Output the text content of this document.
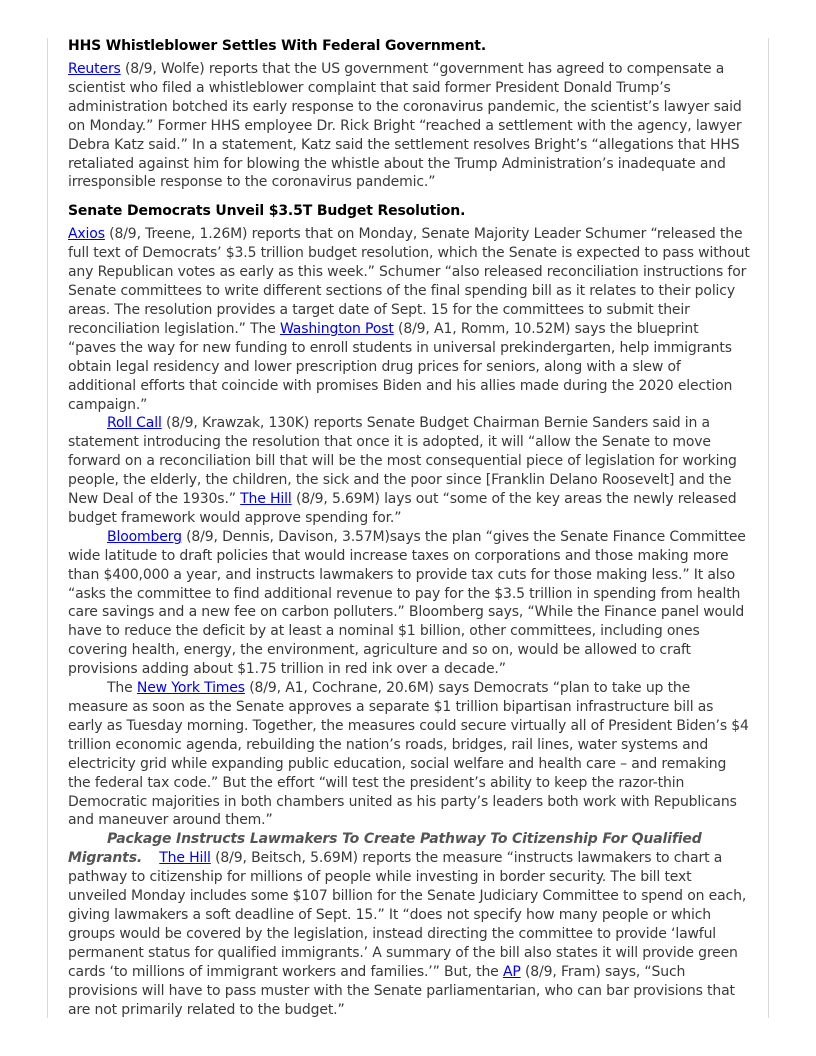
HHS Whistleblower Settles With Federal Government.

Reuters (8/9, Wolfe) reports that the US government “government has agreed to compensate a scientist who filed a whistleblower complaint that said former President Donald Trump’s administration botched its early response to the coronavirus pandemic, the scientist’s lawyer said on Monday.” Former HHS employee Dr. Rick Bright “reached a settlement with the agency, lawyer Debra Katz said.” In a statement, Katz said the settlement resolves Bright’s “allegations that HHS retaliated against him for blowing the whistle about the Trump Administration’s inadequate and irresponsible response to the coronavirus pandemic.”

Senate Democrats Unveil $3.5T Budget Resolution.

Axios (8/9, Treene, 1.26M) reports that on Monday, Senate Majority Leader Schumer “released the full text of Democrats’ $3.5 trillion budget resolution, which the Senate is expected to pass without any Republican votes as early as this week.” Schumer “also released reconciliation instructions for Senate committees to write different sections of the final spending bill as it relates to their policy areas. The resolution provides a target date of Sept. 15 for the committees to submit their reconciliation legislation.” The Washington Post (8/9, A1, Romm, 10.52M) says the blueprint “paves the way for new funding to enroll students in universal prekindergarten, help immigrants obtain legal residency and lower prescription drug prices for seniors, along with a slew of additional efforts that coincide with promises Biden and his allies made during the 2020 election campaign.”

Roll Call (8/9, Krawzak, 130K) reports Senate Budget Chairman Bernie Sanders said in a statement introducing the resolution that once it is adopted, it will “allow the Senate to move forward on a reconciliation bill that will be the most consequential piece of legislation for working people, the elderly, the children, the sick and the poor since [Franklin Delano Roosevelt] and the New Deal of the 1930s.” The Hill (8/9, 5.69M) lays out “some of the key areas the newly released budget framework would approve spending for.”

Bloomberg (8/9, Dennis, Davison, 3.57M)says the plan “gives the Senate Finance Committee wide latitude to draft policies that would increase taxes on corporations and those making more than $400,000 a year, and instructs lawmakers to provide tax cuts for those making less.” It also “asks the committee to find additional revenue to pay for the $3.5 trillion in spending from health care savings and a new fee on carbon polluters.” Bloomberg says, “While the Finance panel would have to reduce the deficit by at least a nominal $1 billion, other committees, including ones covering health, energy, the environment, agriculture and so on, would be allowed to craft provisions adding about $1.75 trillion in red ink over a decade.”

The New York Times (8/9, A1, Cochrane, 20.6M) says Democrats “plan to take up the measure as soon as the Senate approves a separate $1 trillion bipartisan infrastructure bill as early as Tuesday morning. Together, the measures could secure virtually all of President Biden’s $4 trillion economic agenda, rebuilding the nation’s roads, bridges, rail lines, water systems and electricity grid while expanding public education, social welfare and health care – and remaking the federal tax code.” But the effort “will test the president’s ability to keep the razor-thin Democratic majorities in both chambers united as his party’s leaders both work with Republicans and maneuver around them.”

Package Instructs Lawmakers To Create Pathway To Citizenship For Qualified Migrants. The Hill (8/9, Beitsch, 5.69M) reports the measure “instructs lawmakers to chart a pathway to citizenship for millions of people while investing in border security. The bill text unveiled Monday includes some $107 billion for the Senate Judiciary Committee to spend on each, giving lawmakers a soft deadline of Sept. 15.” It “does not specify how many people or which groups would be covered by the legislation, instead directing the committee to provide ‘lawful permanent status for qualified immigrants.’ A summary of the bill also states it will provide green cards ‘to millions of immigrant workers and families.’” But, the AP (8/9, Fram) says, “Such provisions will have to pass muster with the Senate parliamentarian, who can bar provisions that are not primarily related to the budget.”
